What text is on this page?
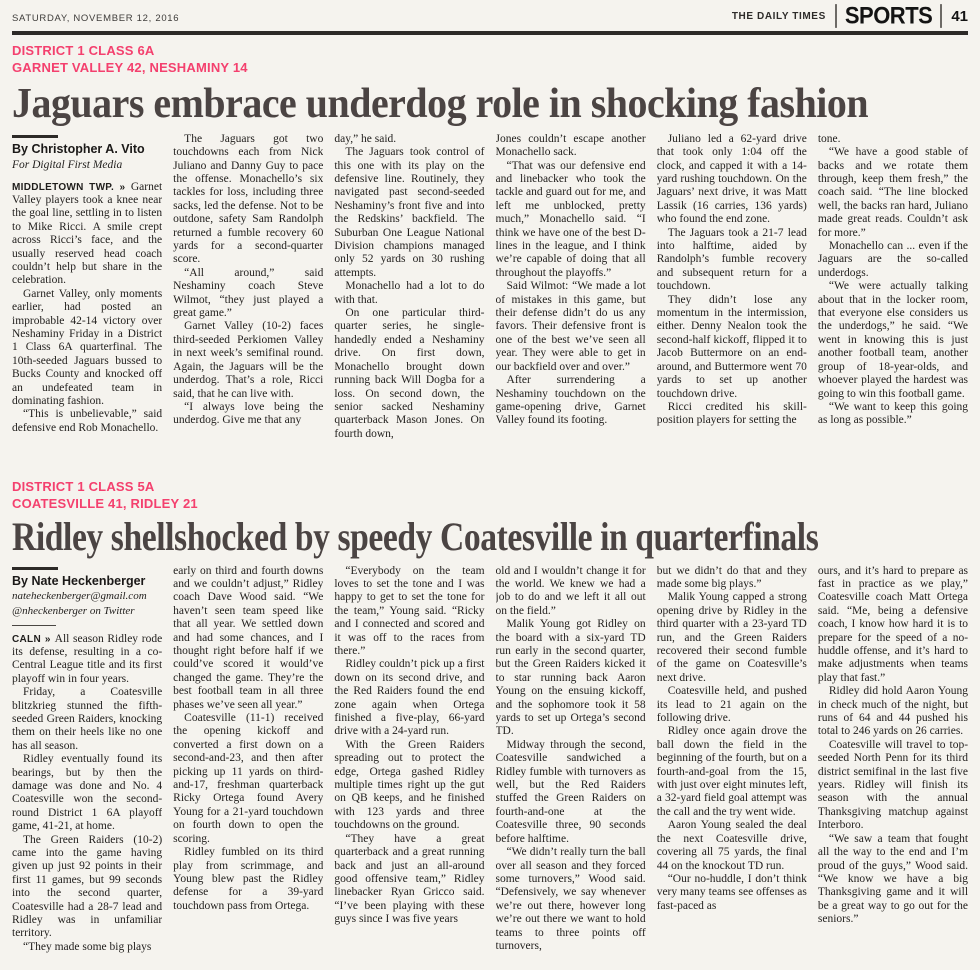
SATURDAY, NOVEMBER 12, 2016	THE DAILY TIMES SPORTS	41
DISTRICT 1 CLASS 6A
GARNET VALLEY 42, NESHAMINY 14
Jaguars embrace underdog role in shocking fashion
By Christopher A. Vito
For Digital First Media

MIDDLETOWN TWP. » Garnet Valley players took a knee near the goal line, settling in to listen to Mike Ricci. A smile crept across Ricci’s face, and the usually reserved head coach couldn’t help but share in the celebration.

Garnet Valley, only moments earlier, had posted an improbable 42-14 victory over Neshaminy Friday in a District 1 Class 6A quarterfinal. The 10th-seeded Jaguars bussed to Bucks County and knocked off an undefeated team in dominating fashion.

“This is unbelievable,” said defensive end Rob Monachello.

The Jaguars got two touchdowns each from Nick Juliano and Danny Guy to pace the offense. Monachello’s six tackles for loss, including three sacks, led the defense. Not to be outdone, safety Sam Randolph returned a fumble recovery 60 yards for a second-quarter score.

“All around,” said Neshaminy coach Steve Wilmot, “they just played a great game.”

Garnet Valley (10-2) faces third-seeded Perkiomen Valley in next week’s semifinal round. Again, the Jaguars will be the underdog. That’s a role, Ricci said, that he can live with.

“I always love being the underdog. Give me that any

day,” he said.

The Jaguars took control of this one with its play on the defensive line. Routinely, they navigated past second-seeded Neshaminy’s front five and into the Redskins’ backfield. The Suburban One League National Division champions managed only 52 yards on 30 rushing attempts.

Monachello had a lot to do with that.

On one particular third-quarter series, he single-handedly ended a Neshaminy drive. On first down, Monachello brought down running back Will Dogba for a loss. On second down, the senior sacked Neshaminy quarterback Mason Jones. On fourth down,

Jones couldn’t escape another Monachello sack.

“That was our defensive end and linebacker who took the tackle and guard out for me, and left me unblocked, pretty much,” Monachello said. “I think we have one of the best D-lines in the league, and I think we’re capable of doing that all throughout the playoffs.”

Said Wilmot: “We made a lot of mistakes in this game, but their defense didn’t do us any favors. Their defensive front is one of the best we’ve seen all year. They were able to get in our backfield over and over.”

After surrendering a Neshaminy touchdown on the game-opening drive, Garnet Valley found its footing.

Juliano led a 62-yard drive that took only 1:04 off the clock, and capped it with a 14-yard rushing touchdown. On the Jaguars’ next drive, it was Matt Lassik (16 carries, 136 yards) who found the end zone.

The Jaguars took a 21-7 lead into halftime, aided by Randolph’s fumble recovery and subsequent return for a touchdown.

They didn’t lose any momentum in the intermission, either. Denny Nealon took the second-half kickoff, flipped it to Jacob Buttermore on an end-around, and Buttermore went 70 yards to set up another touchdown drive.

Ricci credited his skill-position players for setting the

tone.

“We have a good stable of backs and we rotate them through, keep them fresh,” the coach said. “The line blocked well, the backs ran hard, Juliano made great reads. Couldn’t ask for more.”

Monachello can ... even if the Jaguars are the so-called underdogs.

“We were actually talking about that in the locker room, that everyone else considers us the underdogs,” he said. “We went in knowing this is just another football team, another group of 18-year-olds, and whoever played the hardest was going to win this football game.

“We want to keep this going as long as possible.”

DISTRICT 1 CLASS 5A
COATESVILLE 41, RIDLEY 21
Ridley shellshocked by speedy Coatesville in quarterfinals
By Nate Heckenberger
nateheckenberger@gmail.com
@nheckenberger on Twitter

CALN » All season Ridley rode its defense, resulting in a co-Central League title and its first playoff win in four years.

Friday, a Coatesville blitzkrieg stunned the fifth-seeded Green Raiders, knocking them on their heels like no one has all season.

Ridley eventually found its bearings, but by then the damage was done and No. 4 Coatesville won the second-round District 1 6A playoff game, 41-21, at home.

The Green Raiders (10-2) came into the game having given up just 92 points in their first 11 games, but 99 seconds into the second quarter, Coatesville had a 28-7 lead and Ridley was in unfamiliar territory.

“They made some big plays

early on third and fourth downs and we couldn’t adjust,” Ridley coach Dave Wood said. “We haven’t seen team speed like that all year. We settled down and had some chances, and I thought right before half if we could’ve scored it would’ve changed the game. They’re the best football team in all three phases we’ve seen all year.”

Coatesville (11-1) received the opening kickoff and converted a first down on a second-and-23, and then after picking up 11 yards on third-and-17, freshman quarterback Ricky Ortega found Avery Young for a 21-yard touchdown on fourth down to open the scoring.

Ridley fumbled on its third play from scrimmage, and Young blew past the Ridley defense for a 39-yard touchdown pass from Ortega.

“Everybody on the team loves to set the tone and I was happy to get to set the tone for the team,” Young said. “Ricky and I connected and scored and it was off to the races from there.”

Ridley couldn’t pick up a first down on its second drive, and the Red Raiders found the end zone again when Ortega finished a five-play, 66-yard drive with a 24-yard run.

With the Green Raiders spreading out to protect the edge, Ortega gashed Ridley multiple times right up the gut on QB keeps, and he finished with 123 yards and three touchdowns on the ground.

“They have a great quarterback and a great running back and just an all-around good offensive team,” Ridley linebacker Ryan Gricco said. “I’ve been playing with these guys since I was five years

old and I wouldn’t change it for the world. We knew we had a job to do and we left it all out on the field.”

Malik Young got Ridley on the board with a six-yard TD run early in the second quarter, but the Green Raiders kicked it to star running back Aaron Young on the ensuing kickoff, and the sophomore took it 58 yards to set up Ortega’s second TD.

Midway through the second, Coatesville sandwiched a Ridley fumble with turnovers as well, but the Red Raiders stuffed the Green Raiders on fourth-and-one at the Coatesville three, 90 seconds before halftime.

“We didn’t really turn the ball over all season and they forced some turnovers,” Wood said. “Defensively, we say whenever we’re out there, however long we’re out there we want to hold teams to three points off turnovers,

but we didn’t do that and they made some big plays.”

Malik Young capped a strong opening drive by Ridley in the third quarter with a 23-yard TD run, and the Green Raiders recovered their second fumble of the game on Coatesville’s next drive.

Coatesville held, and pushed its lead to 21 again on the following drive.

Ridley once again drove the ball down the field in the beginning of the fourth, but on a fourth-and-goal from the 15, with just over eight minutes left, a 32-yard field goal attempt was the call and the try went wide.

Aaron Young sealed the deal the next Coatesville drive, covering all 75 yards, the final 44 on the knockout TD run.

“Our no-huddle, I don’t think very many teams see offenses as fast-paced as

ours, and it’s hard to prepare as fast in practice as we play,” Coatesville coach Matt Ortega said. “Me, being a defensive coach, I know how hard it is to prepare for the speed of a no-huddle offense, and it’s hard to make adjustments when teams play that fast.”

Ridley did hold Aaron Young in check much of the night, but runs of 64 and 44 pushed his total to 246 yards on 26 carries.

Coatesville will travel to top-seeded North Penn for its third district semifinal in the last five years. Ridley will finish its season with the annual Thanksgiving matchup against Interboro.

“We saw a team that fought all the way to the end and I’m proud of the guys,” Wood said. “We know we have a big Thanksgiving game and it will be a great way to go out for the seniors.”
